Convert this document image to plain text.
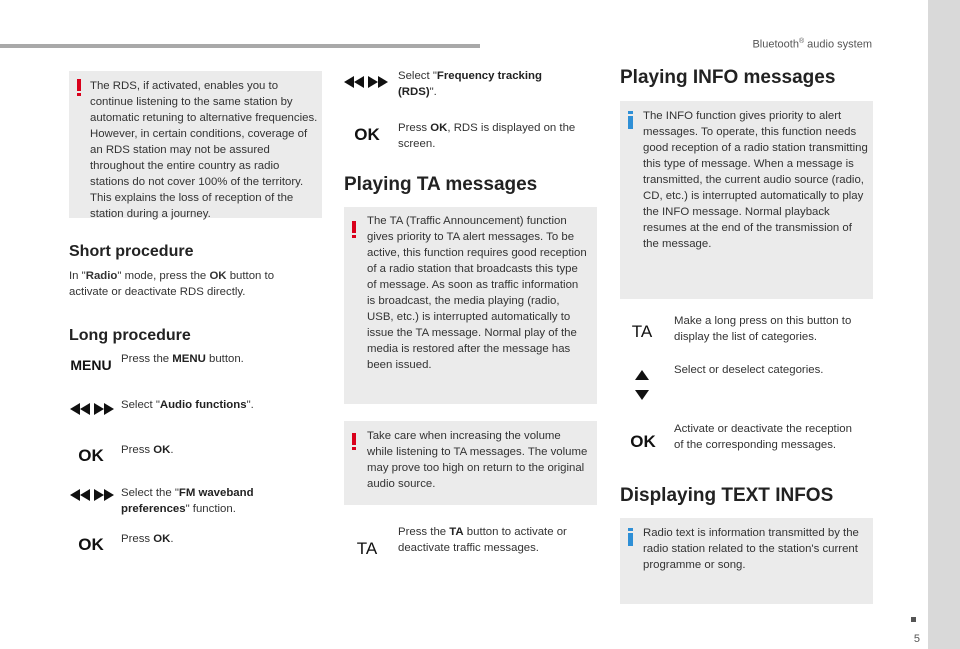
Bluetooth® audio system
5
The RDS, if activated, enables you to continue listening to the same station by automatic retuning to alternative frequencies. However, in certain conditions, coverage of an RDS station may not be assured throughout the entire country as radio stations do not cover 100% of the territory. This explains the loss of reception of the station during a journey.
Short procedure
In "Radio" mode, press the OK button to activate or deactivate RDS directly.
Long procedure
MENU Press the MENU button.
Select "Audio functions".
OK	Press OK.
Select the "FM waveband preferences" function.
OK	Press OK.
Select "Frequency tracking (RDS)".
OK	Press OK, RDS is displayed on the screen.
Playing TA messages
The TA (Traffic Announcement) function gives priority to TA alert messages. To be active, this function requires good reception of a radio station that broadcasts this type of message. As soon as traffic information is broadcast, the media playing (radio, USB, etc.) is interrupted automatically to issue the TA message. Normal play of the media is restored after the message has been issued.
Take care when increasing the volume while listening to TA messages. The volume may prove too high on return to the original audio source.
TA
Press the TA button to activate or deactivate traffic messages.
Playing INFO messages
The INFO function gives priority to alert messages. To operate, this function needs good reception of a radio station transmitting this type of message. When a message is transmitted, the current audio source (radio, CD, etc.) is interrupted automatically to play the INFO message. Normal playback resumes at the end of the transmission of the message.
TA
Make a long press on this button to display the list of categories.
Select or deselect categories.
OK
Activate or deactivate the reception of the corresponding messages.
Displaying TEXT INFOS
Radio text is information transmitted by the radio station related to the station's current programme or song.
